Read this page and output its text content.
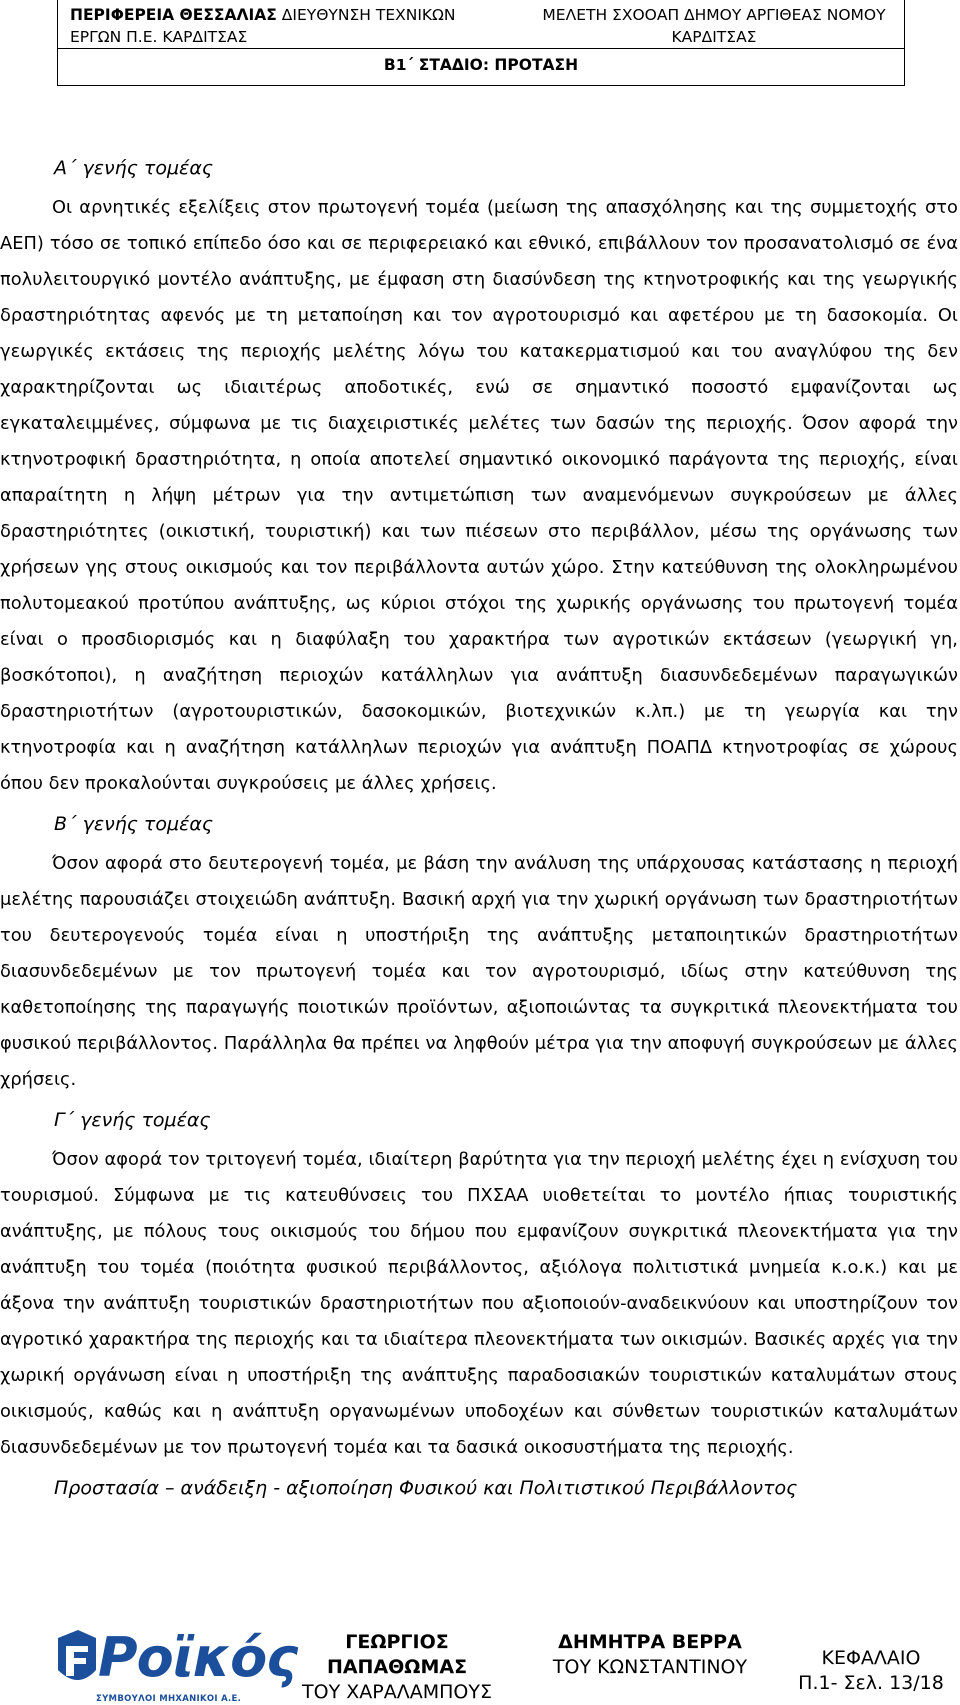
ΠΕΡΙΦΕΡΕΙΑ ΘΕΣΣΑΛΙΑΣ ΔΙΕΥΘΥΝΣΗ ΤΕΧΝΙΚΩΝ ΕΡΓΩΝ Π.Ε. ΚΑΡΔΙΤΣΑΣ
ΜΕΛΕΤΗ ΣΧΟΟΑΠ ΔΗΜΟΥ ΑΡΓΙΘΕΑΣ ΝΟΜΟΥ ΚΑΡΔΙΤΣΑΣ
Β1΄ ΣΤΑΔΙΟ: ΠΡΟΤΑΣΗ

Α΄ γενής τομέας

Οι αρνητικές εξελίξεις στον πρωτογενή τομέα (μείωση της απασχόλησης και της συμμετοχής στο ΑΕΠ) τόσο σε τοπικό επίπεδο όσο και σε περιφερειακό και εθνικό, επιβάλλουν τον προσανατολισμό σε ένα πολυλειτουργικό μοντέλο ανάπτυξης, με έμφαση στη διασύνδεση της κτηνοτροφικής και της γεωργικής δραστηριότητας αφενός με τη μεταποίηση και τον αγροτουρισμό και αφετέρου με τη δασοκομία. Οι γεωργικές εκτάσεις της περιοχής μελέτης λόγω του κατακερματισμού και του αναγλύφου της δεν χαρακτηρίζονται ως ιδιαιτέρως αποδοτικές, ενώ σε σημαντικό ποσοστό εμφανίζονται ως εγκαταλειμμένες, σύμφωνα με τις διαχειριστικές μελέτες των δασών της περιοχής. Όσον αφορά την κτηνοτροφική δραστηριότητα, η οποία αποτελεί σημαντικό οικονομικό παράγοντα της περιοχής, είναι απαραίτητη η λήψη μέτρων για την αντιμετώπιση των αναμενόμενων συγκρούσεων με άλλες δραστηριότητες (οικιστική, τουριστική) και των πιέσεων στο περιβάλλον, μέσω της οργάνωσης των χρήσεων γης στους οικισμούς και τον περιβάλλοντα αυτών χώρο. Στην κατεύθυνση της ολοκληρωμένου πολυτομεακού προτύπου ανάπτυξης, ως κύριοι στόχοι της χωρικής οργάνωσης του πρωτογενή τομέα είναι ο προσδιορισμός και η διαφύλαξη του χαρακτήρα των αγροτικών εκτάσεων (γεωργική γη, βοσκότοποι), η αναζήτηση περιοχών κατάλληλων για ανάπτυξη διασυνδεδεμένων παραγωγικών δραστηριοτήτων (αγροτουριστικών, δασοκομικών, βιοτεχνικών κ.λπ.) με τη γεωργία και την κτηνοτροφία και η αναζήτηση κατάλληλων περιοχών για ανάπτυξη ΠΟΑΠΔ κτηνοτροφίας σε χώρους όπου δεν προκαλούνται συγκρούσεις με άλλες χρήσεις.

Β΄ γενής τομέας

Όσον αφορά στο δευτερογενή τομέα, με βάση την ανάλυση της υπάρχουσας κατάστασης η περιοχή μελέτης παρουσιάζει στοιχειώδη ανάπτυξη. Βασική αρχή για την χωρική οργάνωση των δραστηριοτήτων του δευτερογενούς τομέα είναι η υποστήριξη της ανάπτυξης μεταποιητικών δραστηριοτήτων διασυνδεδεμένων με τον πρωτογενή τομέα και τον αγροτουρισμό, ιδίως στην κατεύθυνση της καθετοποίησης της παραγωγής ποιοτικών προϊόντων, αξιοποιώντας τα συγκριτικά πλεονεκτήματα του φυσικού περιβάλλοντος. Παράλληλα θα πρέπει να ληφθούν μέτρα για την αποφυγή συγκρούσεων με άλλες χρήσεις.

Γ΄ γενής τομέας

Όσον αφορά τον τριτογενή τομέα, ιδιαίτερη βαρύτητα για την περιοχή μελέτης έχει η ενίσχυση του τουρισμού. Σύμφωνα με τις κατευθύνσεις του ΠΧΣΑΑ υιοθετείται το μοντέλο ήπιας τουριστικής ανάπτυξης, με πόλους τους οικισμούς του δήμου που εμφανίζουν συγκριτικά πλεονεκτήματα για την ανάπτυξη του τομέα (ποιότητα φυσικού περιβάλλοντος, αξιόλογα πολιτιστικά μνημεία κ.ο.κ.) και με άξονα την ανάπτυξη τουριστικών δραστηριοτήτων που αξιοποιούν-αναδεικνύουν και υποστηρίζουν τον αγροτικό χαρακτήρα της περιοχής και τα ιδιαίτερα πλεονεκτήματα των οικισμών. Βασικές αρχές για την χωρική οργάνωση είναι η υποστήριξη της ανάπτυξης παραδοσιακών τουριστικών καταλυμάτων στους οικισμούς, καθώς και η ανάπτυξη οργανωμένων υποδοχέων και σύνθετων τουριστικών καταλυμάτων διασυνδεδεμένων με τον πρωτογενή τομέα και τα δασικά οικοσυστήματα της περιοχής.

Προστασία – ανάδειξη - αξιοποίηση Φυσικού και Πολιτιστικού Περιβάλλοντος

Ροϊκός
ΣΥΜΒΟΥΛΟΙ ΜΗΧΑΝΙΚΟΙ Α.Ε.
ΓΕΩΡΓΙΟΣ ΠΑΠΑΘΩΜΑΣ
ΤΟΥ ΧΑΡΑΛΑΜΠΟΥΣ
ΔΗΜΗΤΡΑ ΒΕΡΡΑ
ΤΟΥ ΚΩΝΣΤΑΝΤΙΝΟΥ	ΚΕΦΑΛΑΙΟ
Π.1- Σελ. 13/18
